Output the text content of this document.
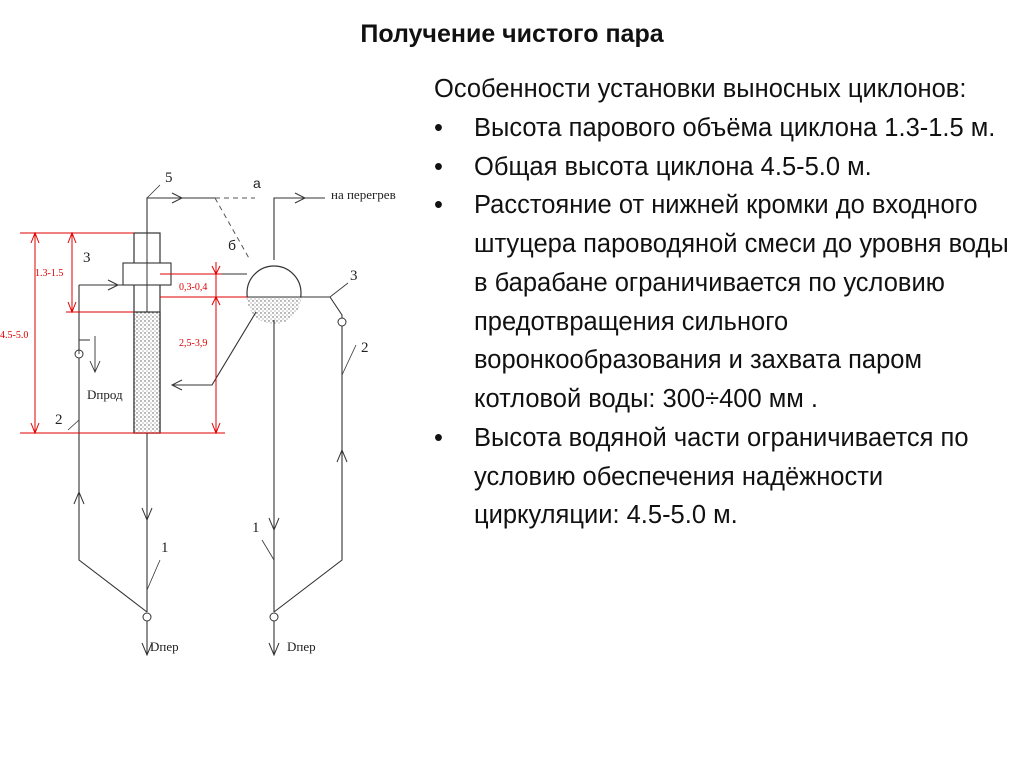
Получение чистого пара

Особенности установки выносных циклонов:

• Высота парового объёма циклона 1.3-1.5 м.
• Общая высота циклона 4.5-5.0 м.
• Расстояние от нижней кромки до входного штуцера пароводяной смеси до уровня воды в барабане ограничивается по условию предотвращения сильного воронкообразования и захвата паром котловой воды: 300÷400 мм .
• Высота водяной части ограничивается по условию обеспечения надёжности циркуляции: 4.5-5.0 м.
на перегрев
Dпрод
Dпер	Dпер
а
б
5
3
3
2
2
1
1
1.3-1.5
4.5-5.0
0,3-0,4
2,5-3,9
